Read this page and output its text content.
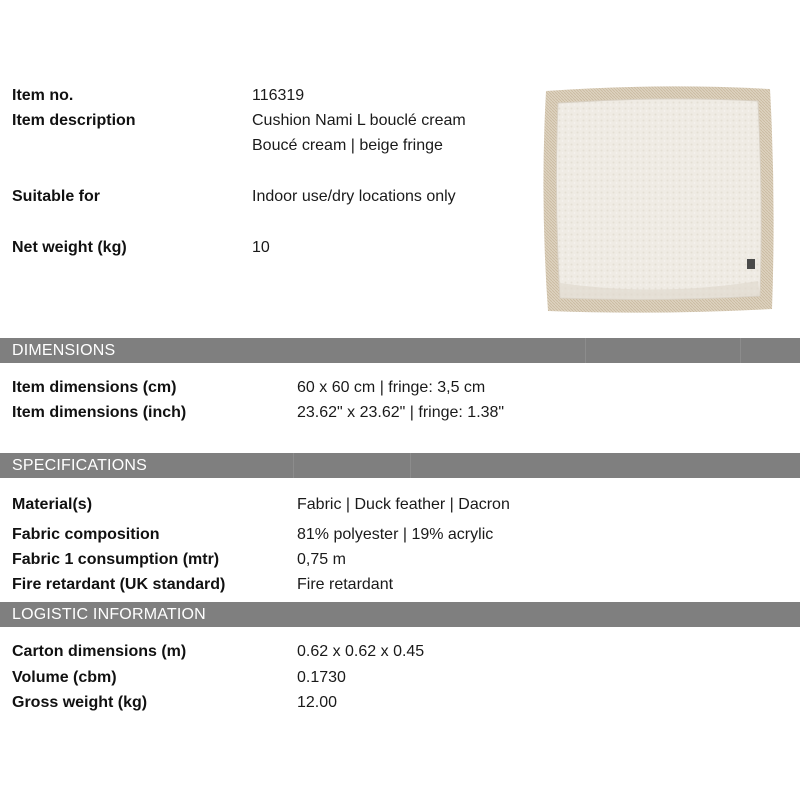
Item no.	116319
Item description	Cushion Nami L bouclé cream
Boucé cream | beige fringe
Suitable for	Indoor use/dry locations only
Net weight (kg)	10
DIMENSIONS
Item dimensions (cm)	60 x 60 cm | fringe: 3,5 cm
Item dimensions (inch)	23.62" x 23.62" | fringe: 1.38"
SPECIFICATIONS
Material(s)	Fabric | Duck feather | Dacron
Fabric composition	81% polyester | 19% acrylic
Fabric 1 consumption (mtr)	0,75 m
Fire retardant (UK standard)	Fire retardant
LOGISTIC INFORMATION
Carton dimensions (m)	0.62 x 0.62 x 0.45
Volume (cbm)	0.1730
Gross weight (kg)	12.00
